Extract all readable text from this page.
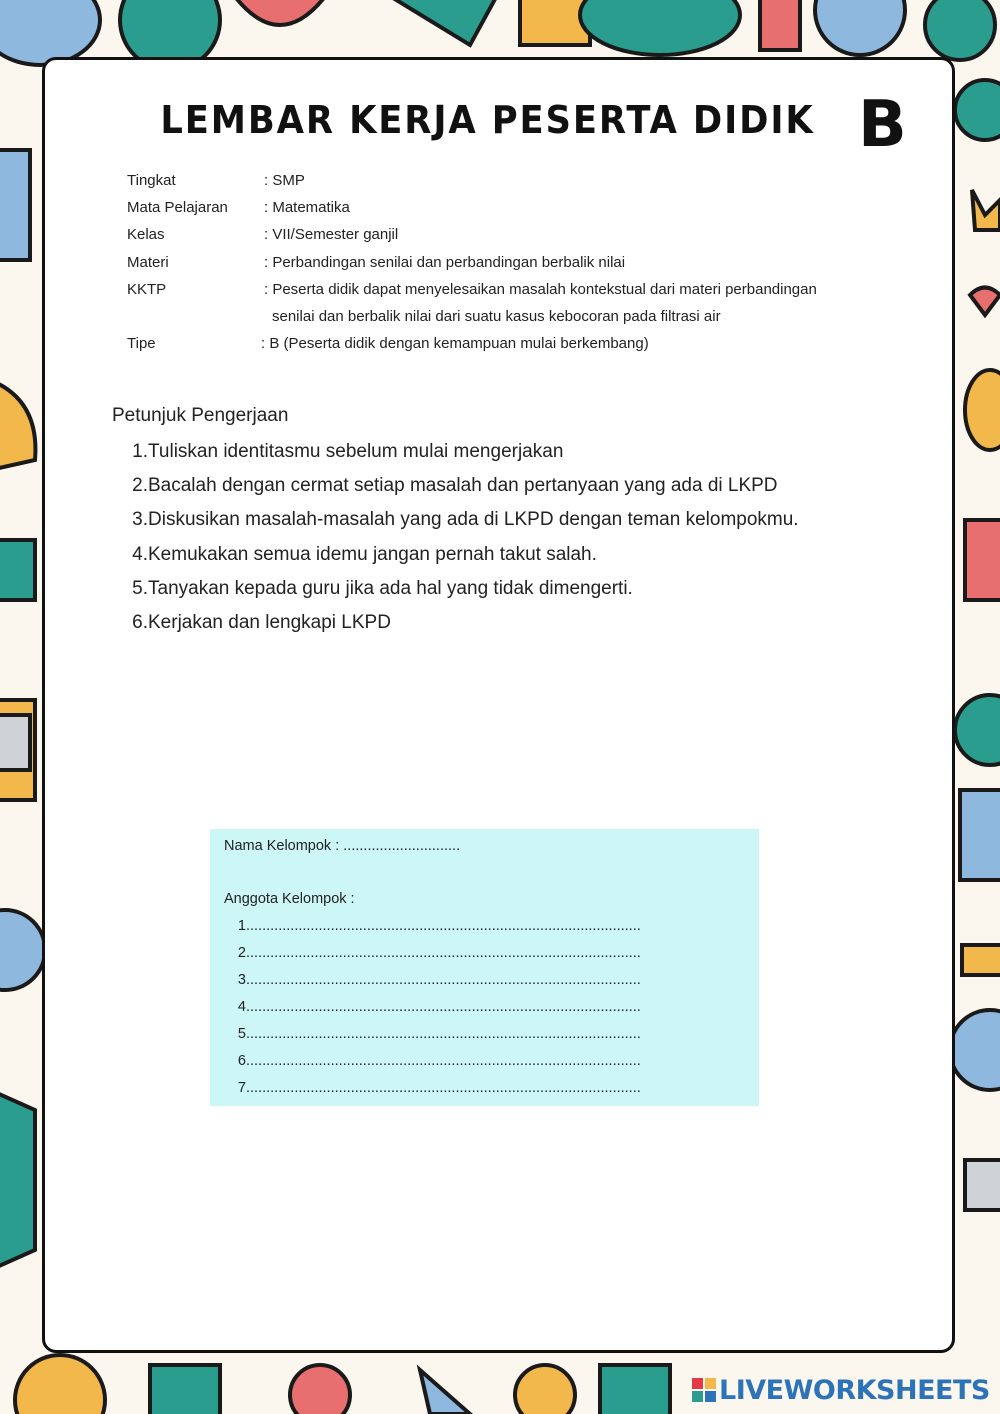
LEMBAR KERJA PESERTA DIDIK B
Tingkat	: SMP
Mata Pelajaran : Matematika
Kelas	: VII/Semester ganjil
Materi	: Perbandingan senilai dan perbandingan berbalik nilai
KKTP	: Peserta didik dapat menyelesaikan masalah kontekstual dari materi perbandingan
senilai dan berbalik nilai dari suatu kasus kebocoran pada filtrasi air
Tipe	: B (Peserta didik dengan kemampuan mulai berkembang)
Petunjuk Pengerjaan
1.Tuliskan identitasmu sebelum mulai mengerjakan
2.Bacalah dengan cermat setiap masalah dan pertanyaan yang ada di LKPD
3.Diskusikan masalah-masalah yang ada di LKPD dengan teman kelompokmu.
4.Kemukakan semua idemu jangan pernah takut salah.
5.Tanyakan kepada guru jika ada hal yang tidak dimengerti.
6.Kerjakan dan lengkapi LKPD
Nama Kelompok : .............................
Anggota Kelompok :
1..................................................................................................
2..................................................................................................
3..................................................................................................
4..................................................................................................
5..................................................................................................
6..................................................................................................
7..................................................................................................
LIVEWORKSHEETS
